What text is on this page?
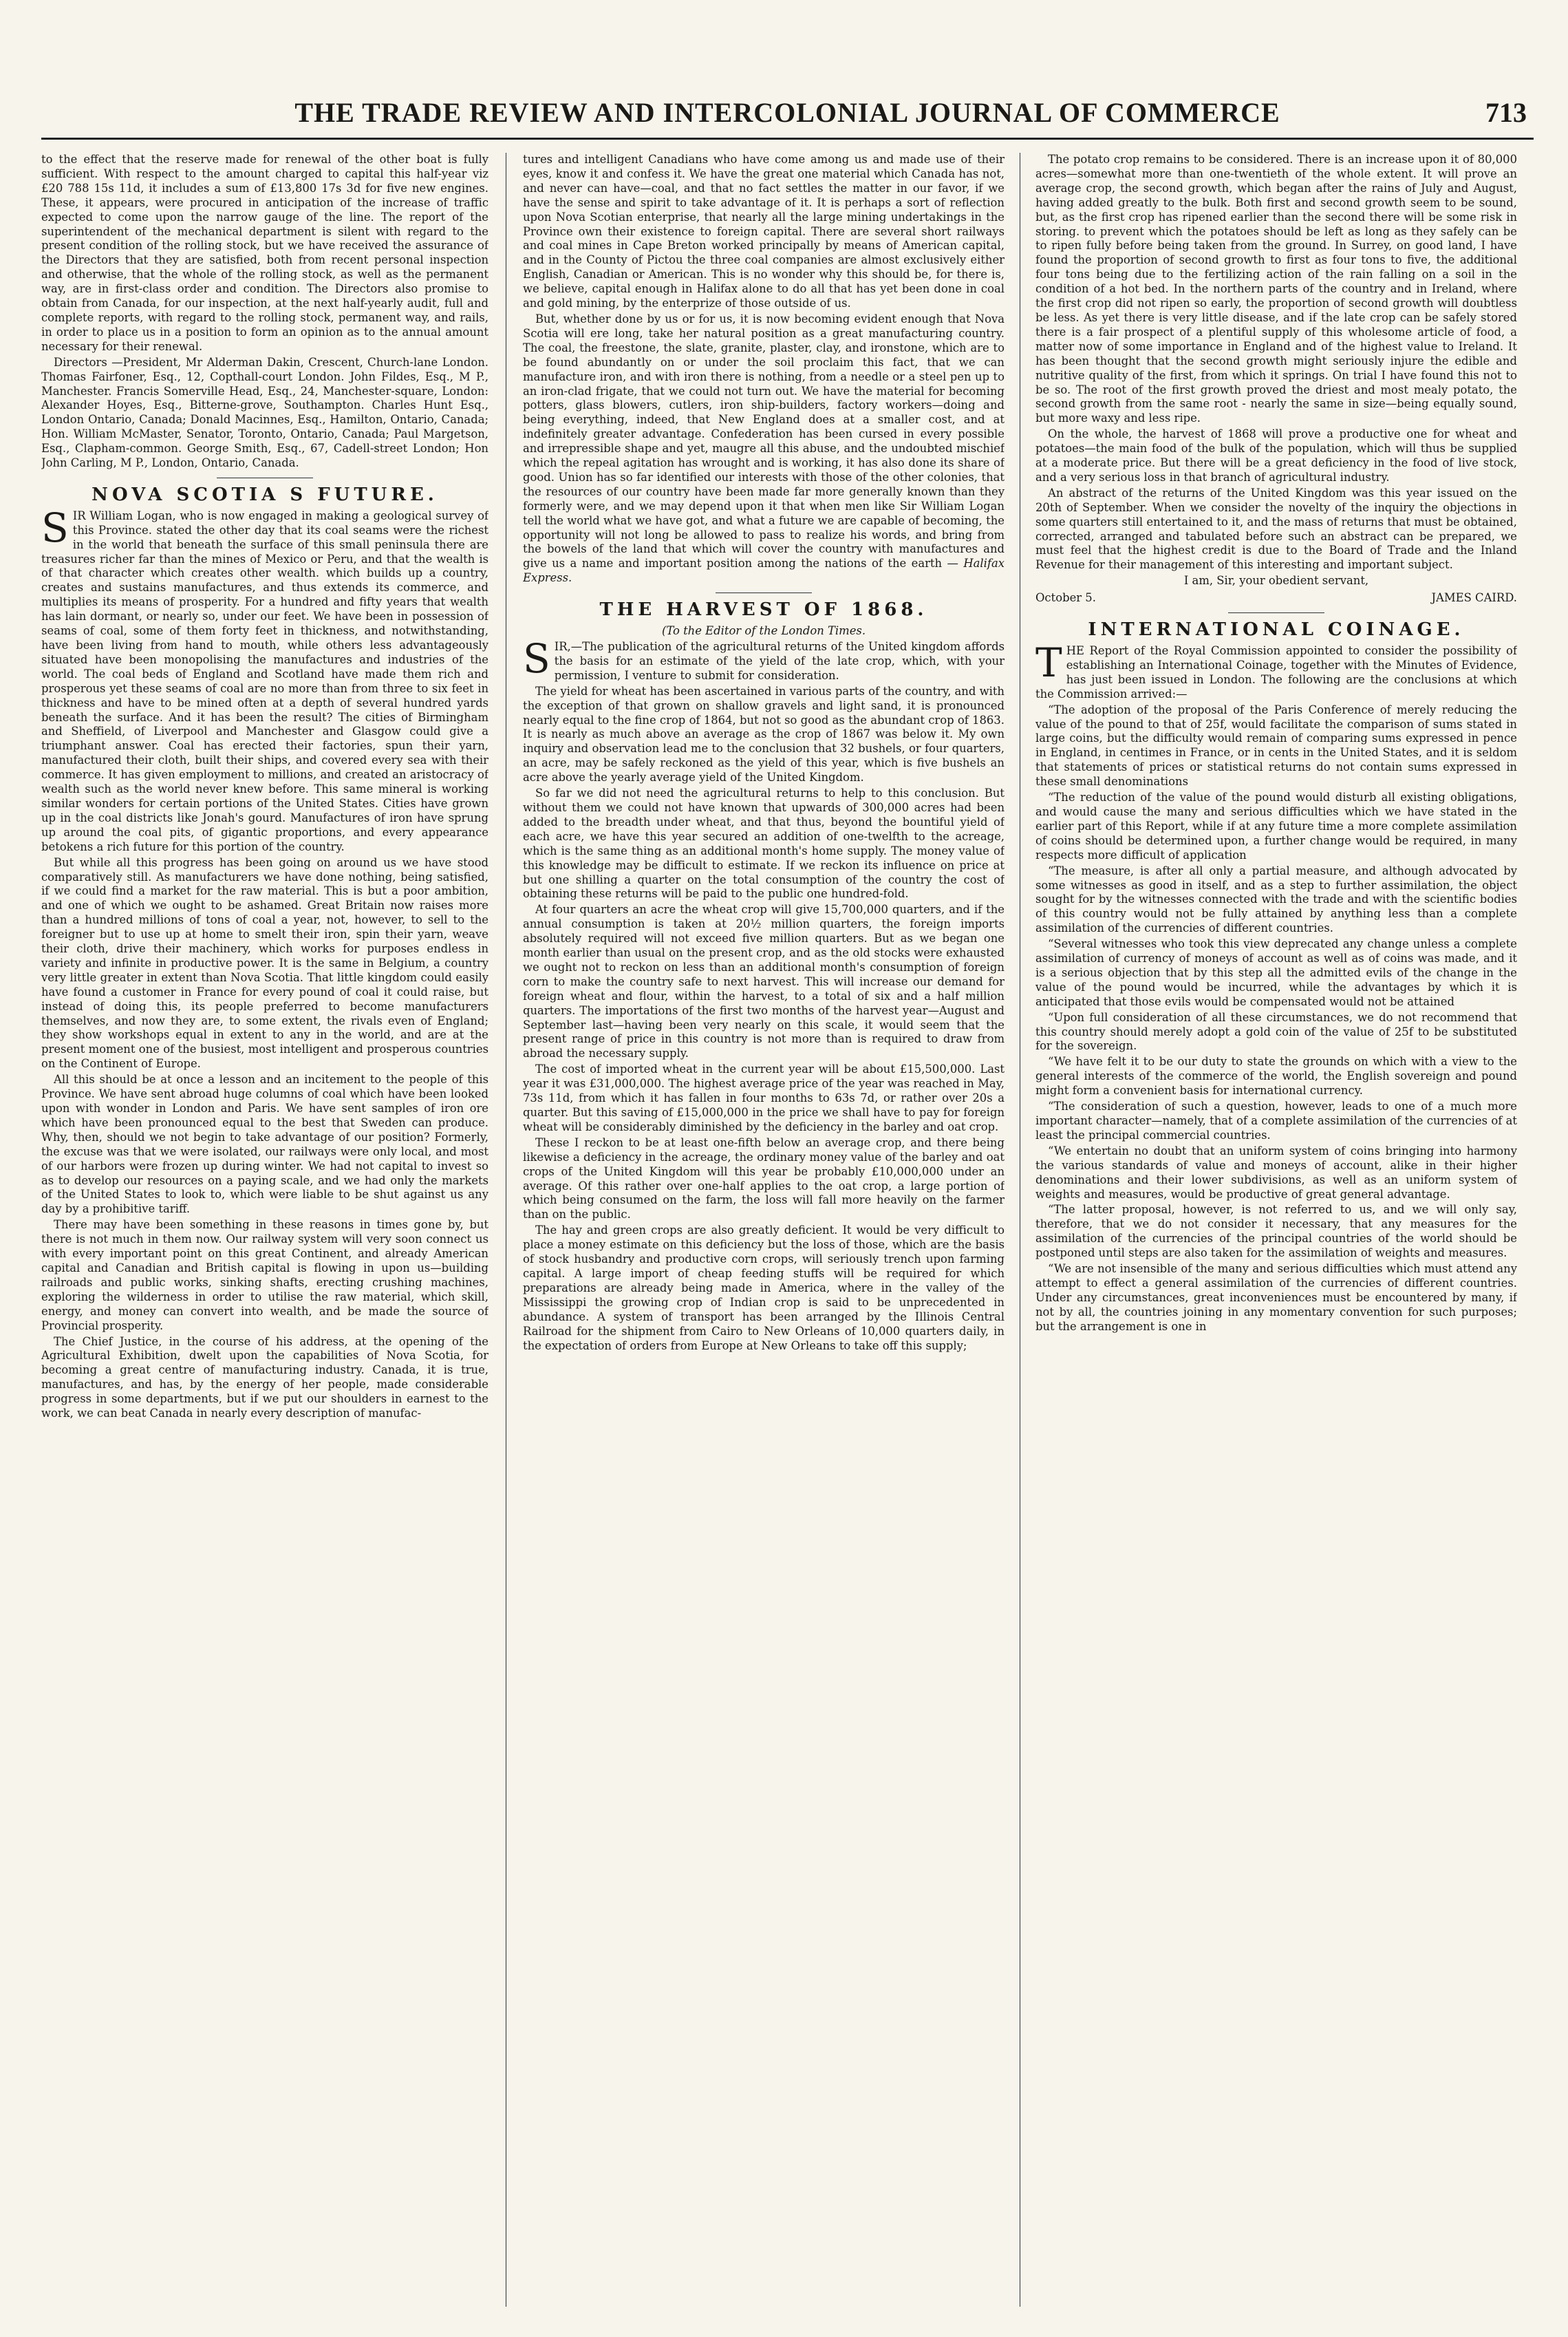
THE TRADE REVIEW AND INTERCOLONIAL JOURNAL OF COMMERCE	713

to the effect that the reserve made for renewal of the other boat is fully sufficient. With respect to the amount charged to capital this half-year viz £20 788 15s 11d, it includes a sum of £13,800 17s 3d for five new engines. These, it appears, were procured in anticipation of the increase of traffic expected to come upon the narrow gauge of the line. The report of the superintendent of the mechanical department is silent with regard to the present condition of the rolling stock, but we have received the assurance of the Directors that they are satisfied, both from recent personal inspection and otherwise, that the whole of the rolling stock, as well as the permanent way, are in first-class order and condition. The Directors also promise to obtain from Canada, for our inspection, at the next half-yearly audit, full and complete reports, with regard to the rolling stock, permanent way, and rails, in order to place us in a position to form an opinion as to the annual amount necessary for their renewal.

Directors —President, Mr Alderman Dakin, Crescent, Church-lane London. Thomas Fairfoner, Esq., 12, Copthall-court London. John Fildes, Esq., M P., Manchester. Francis Somerville Head, Esq., 24, Manchester-square, London: Alexander Hoyes, Esq., Bitterne-grove, Southampton. Charles Hunt Esq., London Ontario, Canada; Donald Macinnes, Esq., Hamilton, Ontario, Canada; Hon. William McMaster, Senator, Toronto, Ontario, Canada; Paul Margetson, Esq., Clapham-common. George Smith, Esq., 67, Cadell-street London; Hon John Carling, M P., London, Ontario, Canada.

NOVA SCOTIA S FUTURE.

SIR William Logan, who is now engaged in making a geological survey of this Province. stated the other day that its coal seams were the richest in the world that beneath the surface of this small peninsula there are treasures richer far than the mines of Mexico or Peru, and that the wealth is of that character which creates other wealth. which builds up a country, creates and sustains manufactures, and thus extends its commerce, and multiplies its means of prosperity. For a hundred and fifty years that wealth has lain dormant, or nearly so, under our feet. We have been in possession of seams of coal, some of them forty feet in thickness, and notwithstanding, have been living from hand to mouth, while others less advantageously situated have been monopolising the manufactures and industries of the world. The coal beds of England and Scotland have made them rich and prosperous yet these seams of coal are no more than from three to six feet in thickness and have to be mined often at a depth of several hundred yards beneath the surface. And it has been the result? The cities of Birmingham and Sheffield, of Liverpool and Manchester and Glasgow could give a triumphant answer. Coal has erected their factories, spun their yarn, manufactured their cloth, built their ships, and covered every sea with their commerce. It has given employment to millions, and created an aristocracy of wealth such as the world never knew before. This same mineral is working similar wonders for certain portions of the United States. Cities have grown up in the coal districts like Jonah's gourd. Manufactures of iron have sprung up around the coal pits, of gigantic proportions, and every appearance betokens a rich future for this portion of the country.

But while all this progress has been going on around us we have stood comparatively still. As manufacturers we have done nothing, being satisfied, if we could find a market for the raw material. This is but a poor ambition, and one of which we ought to be ashamed. Great Britain now raises more than a hundred millions of tons of coal a year, not, however, to sell to the foreigner but to use up at home to smelt their iron, spin their yarn, weave their cloth, drive their machinery, which works for purposes endless in variety and infinite in productive power. It is the same in Belgium, a country very little greater in extent than Nova Scotia. That little kingdom could easily have found a customer in France for every pound of coal it could raise, but instead of doing this, its people preferred to become manufacturers themselves, and now they are, to some extent, the rivals even of England; they show workshops equal in extent to any in the world, and are at the present moment one of the busiest, most intelligent and prosperous countries on the Continent of Europe.

All this should be at once a lesson and an incitement to the people of this Province. We have sent abroad huge columns of coal which have been looked upon with wonder in London and Paris. We have sent samples of iron ore which have been pronounced equal to the best that Sweden can produce. Why, then, should we not begin to take advantage of our position? Formerly, the excuse was that we were isolated, our railways were only local, and most of our harbors were frozen up during winter. We had not capital to invest so as to develop our resources on a paying scale, and we had only the markets of the United States to look to, which were liable to be shut against us any day by a prohibitive tariff.

There may have been something in these reasons in times gone by, but there is not much in them now. Our railway system will very soon connect us with every important point on this great Continent, and already American capital and Canadian and British capital is flowing in upon us—building railroads and public works, sinking shafts, erecting crushing machines, exploring the wilderness in order to utilise the raw material, which skill, energy, and money can convert into wealth, and be made the source of Provincial prosperity.

The Chief Justice, in the course of his address, at the opening of the Agricultural Exhibition, dwelt upon the capabilities of Nova Scotia, for becoming a great centre of manufacturing industry. Canada, it is true, manufactures, and has, by the energy of her people, made considerable progress in some departments, but if we put our shoulders in earnest to the work, we can beat Canada in nearly every description of manufac-

tures and intelligent Canadians who have come among us and made use of their eyes, know it and confess it. We have the great one material which Canada has not, and never can have—coal, and that no fact settles the matter in our favor, if we have the sense and spirit to take advantage of it. It is perhaps a sort of reflection upon Nova Scotian enterprise, that nearly all the large mining undertakings in the Province own their existence to foreign capital. There are several short railways and coal mines in Cape Breton worked principally by means of American capital, and in the County of Pictou the three coal companies are almost exclusively either English, Canadian or American. This is no wonder why this should be, for there is, we believe, capital enough in Halifax alone to do all that has yet been done in coal and gold mining, by the enterprize of those outside of us.

But, whether done by us or for us, it is now becoming evident enough that Nova Scotia will ere long, take her natural position as a great manufacturing country. The coal, the freestone, the slate, granite, plaster, clay, and ironstone, which are to be found abundantly on or under the soil proclaim this fact, that we can manufacture iron, and with iron there is nothing, from a needle or a steel pen up to an iron-clad frigate, that we could not turn out. We have the material for becoming potters, glass blowers, cutlers, iron ship-builders, factory workers—doing and being everything, indeed, that New England does at a smaller cost, and at indefinitely greater advantage. Confederation has been cursed in every possible and irrepressible shape and yet, maugre all this abuse, and the undoubted mischief which the repeal agitation has wrought and is working, it has also done its share of good. Union has so far identified our interests with those of the other colonies, that the resources of our country have been made far more generally known than they formerly were, and we may depend upon it that when men like Sir William Logan tell the world what we have got, and what a future we are capable of becoming, the opportunity will not long be allowed to pass to realize his words, and bring from the bowels of the land that which will cover the country with manufactures and give us a name and important position among the nations of the earth — Halifax Express.

THE HARVEST OF 1868.

(To the Editor of the London Times.

SIR,—The publication of the agricultural returns of the United kingdom affords the basis for an estimate of the yield of the late crop, which, with your permission, I venture to submit for consideration.

The yield for wheat has been ascertained in various parts of the country, and with the exception of that grown on shallow gravels and light sand, it is pronounced nearly equal to the fine crop of 1864, but not so good as the abundant crop of 1863. It is nearly as much above an average as the crop of 1867 was below it. My own inquiry and observation lead me to the conclusion that 32 bushels, or four quarters, an acre, may be safely reckoned as the yield of this year, which is five bushels an acre above the yearly average yield of the United Kingdom.

So far we did not need the agricultural returns to help to this conclusion. But without them we could not have known that upwards of 300,000 acres had been added to the breadth under wheat, and that thus, beyond the bountiful yield of each acre, we have this year secured an addition of one-twelfth to the acreage, which is the same thing as an additional month's home supply. The money value of this knowledge may be difficult to estimate. If we reckon its influence on price at but one shilling a quarter on the total consumption of the country the cost of obtaining these returns will be paid to the public one hundred-fold.

At four quarters an acre the wheat crop will give 15,700,000 quarters, and if the annual consumption is taken at 20½ million quarters, the foreign imports absolutely required will not exceed five million quarters. But as we began one month earlier than usual on the present crop, and as the old stocks were exhausted we ought not to reckon on less than an additional month's consumption of foreign corn to make the country safe to next harvest. This will increase our demand for foreign wheat and flour, within the harvest, to a total of six and a half million quarters. The importations of the first two months of the harvest year—August and September last—having been very nearly on this scale, it would seem that the present range of price in this country is not more than is required to draw from abroad the necessary supply.

The cost of imported wheat in the current year will be about £15,500,000. Last year it was £31,000,000. The highest average price of the year was reached in May, 73s 11d, from which it has fallen in four months to 63s 7d, or rather over 20s a quarter. But this saving of £15,000,000 in the price we shall have to pay for foreign wheat will be considerably diminished by the deficiency in the barley and oat crop.

These I reckon to be at least one-fifth below an average crop, and there being likewise a deficiency in the acreage, the ordinary money value of the barley and oat crops of the United Kingdom will this year be probably £10,000,000 under an average. Of this rather over one-half applies to the oat crop, a large portion of which being consumed on the farm, the loss will fall more heavily on the farmer than on the public.

The hay and green crops are also greatly deficient. It would be very difficult to place a money estimate on this deficiency but the loss of those, which are the basis of stock husbandry and productive corn crops, will seriously trench upon farming capital. A large import of cheap feeding stuffs will be required for which preparations are already being made in America, where in the valley of the Mississippi the growing crop of Indian crop is said to be unprecedented in abundance. A system of transport has been arranged by the Illinois Central Railroad for the shipment from Cairo to New Orleans of 10,000 quarters daily, in the expectation of orders from Europe at New Orleans to take off this supply;

The potato crop remains to be considered. There is an increase upon it of 80,000 acres—somewhat more than one-twentieth of the whole extent. It will prove an average crop, the second growth, which began after the rains of July and August, having added greatly to the bulk. Both first and second growth seem to be sound, but, as the first crop has ripened earlier than the second there will be some risk in storing. to prevent which the potatoes should be left as long as they safely can be to ripen fully before being taken from the ground. In Surrey, on good land, I have found the proportion of second growth to first as four tons to five, the additional four tons being due to the fertilizing action of the rain falling on a soil in the condition of a hot bed. In the northern parts of the country and in Ireland, where the first crop did not ripen so early, the proportion of second growth will doubtless be less. As yet there is very little disease, and if the late crop can be safely stored there is a fair prospect of a plentiful supply of this wholesome article of food, a matter now of some importance in England and of the highest value to Ireland. It has been thought that the second growth might seriously injure the edible and nutritive quality of the first, from which it springs. On trial I have found this not to be so. The root of the first growth proved the driest and most mealy potato, the second growth from the same root - nearly the same in size—being equally sound, but more waxy and less ripe.

On the whole, the harvest of 1868 will prove a productive one for wheat and potatoes—the main food of the bulk of the population, which will thus be supplied at a moderate price. But there will be a great deficiency in the food of live stock, and a very serious loss in that branch of agricultural industry.

An abstract of the returns of the United Kingdom was this year issued on the 20th of September. When we consider the novelty of the inquiry the objections in some quarters still entertained to it, and the mass of returns that must be obtained, corrected, arranged and tabulated before such an abstract can be prepared, we must feel that the highest credit is due to the Board of Trade and the Inland Revenue for their management of this interesting and important subject.

I am, Sir, your obedient servant,

October 5.	JAMES CAIRD.
INTERNATIONAL COINAGE.

THE Report of the Royal Commission appointed to consider the possibility of establishing an International Coinage, together with the Minutes of Evidence, has just been issued in London. The following are the conclusions at which the Commission arrived:—

“The adoption of the proposal of the Paris Conference of merely reducing the value of the pound to that of 25f, would facilitate the comparison of sums stated in large coins, but the difficulty would remain of comparing sums expressed in pence in England, in centimes in France, or in cents in the United States, and it is seldom that statements of prices or statistical returns do not contain sums expressed in these small denominations

“The reduction of the value of the pound would disturb all existing obligations, and would cause the many and serious difficulties which we have stated in the earlier part of this Report, while if at any future time a more complete assimilation of coins should be determined upon, a further change would be required, in many respects more difficult of application

“The measure, is after all only a partial measure, and although advocated by some witnesses as good in itself, and as a step to further assimilation, the object sought for by the witnesses connected with the trade and with the scientific bodies of this country would not be fully attained by anything less than a complete assimilation of the currencies of different countries.

“Several witnesses who took this view deprecated any change unless a complete assimilation of currency of moneys of account as well as of coins was made, and it is a serious objection that by this step all the admitted evils of the change in the value of the pound would be incurred, while the advantages by which it is anticipated that those evils would be compensated would not be attained

“Upon full consideration of all these circumstances, we do not recommend that this country should merely adopt a gold coin of the value of 25f to be substituted for the sovereign.

“We have felt it to be our duty to state the grounds on which with a view to the general interests of the commerce of the world, the English sovereign and pound might form a convenient basis for international currency.

“The consideration of such a question, however, leads to one of a much more important character—namely, that of a complete assimilation of the currencies of at least the principal commercial countries.

“We entertain no doubt that an uniform system of coins bringing into harmony the various standards of value and moneys of account, alike in their higher denominations and their lower subdivisions, as well as an uniform system of weights and measures, would be productive of great general advantage.

“The latter proposal, however, is not referred to us, and we will only say, therefore, that we do not consider it necessary, that any measures for the assimilation of the currencies of the principal countries of the world should be postponed until steps are also taken for the assimilation of weights and measures.

“We are not insensible of the many and serious difficulties which must attend any attempt to effect a general assimilation of the currencies of different countries. Under any circumstances, great inconveniences must be encountered by many, if not by all, the countries joining in any momentary convention for such purposes; but the arrangement is one in
